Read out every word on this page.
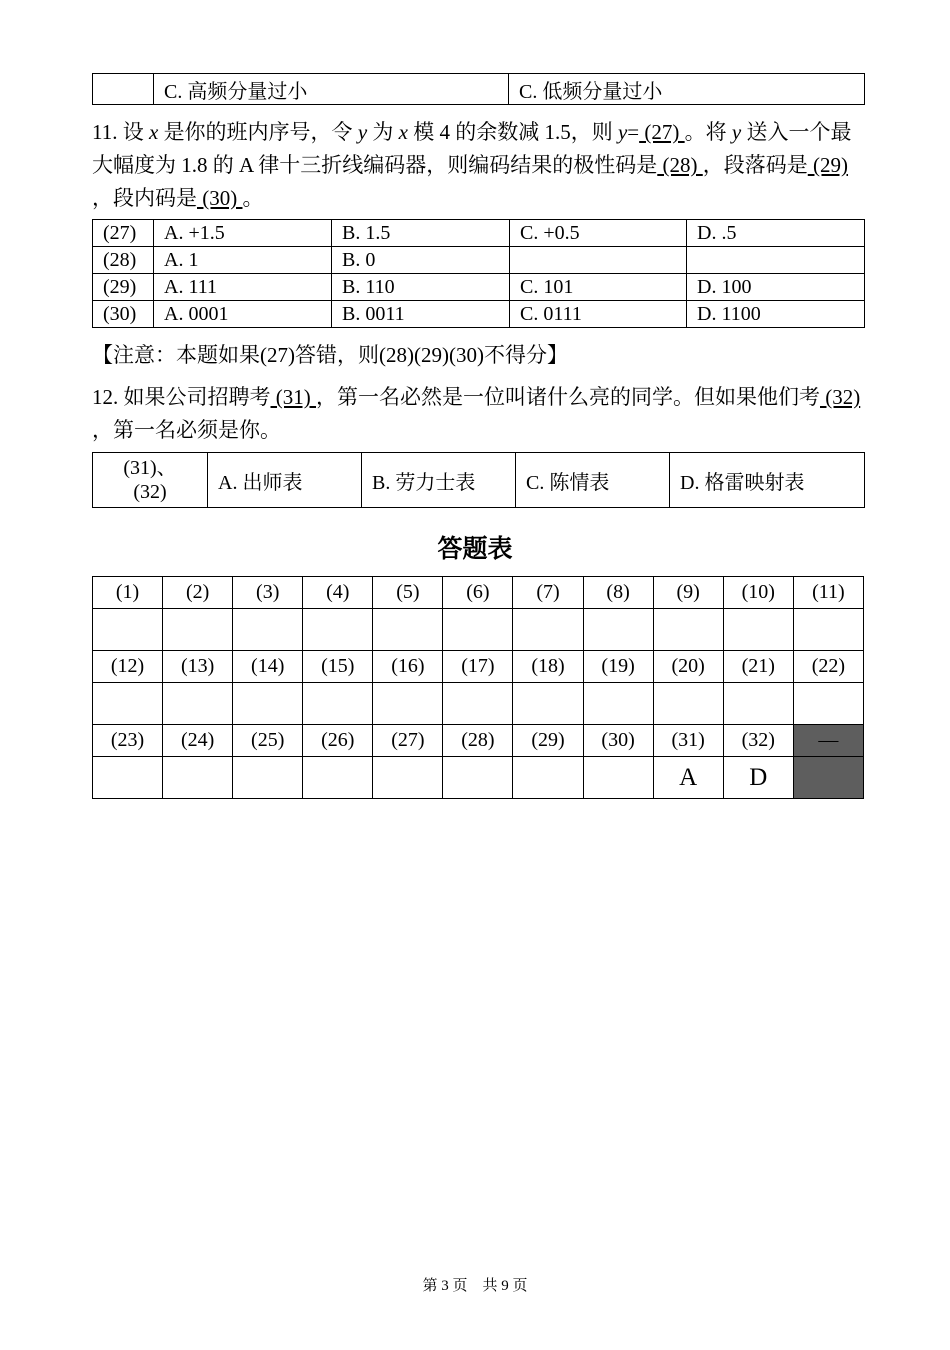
	C. 高频分量过小	C. 低频分量过小

11. 设 x 是你的班内序号，令 y 为 x 模 4 的余数减 1.5，则 y= (27) 。将 y 送入一个最大幅度为 1.8 的 A 律十三折线编码器，则编码结果的极性码是 (28) ，段落码是 (29) ，段内码是 (30) 。

(27)	A. +1.5	B. 1.5	C. +0.5	D. .5
(28)	A. 1	B. 0		
(29)	A. 111	B. 110	C. 101	D. 100
(30)	A. 0001	B. 0011	C. 0111	D. 1100
【注意：本题如果(27)答错，则(28)(29)(30)不得分】

12. 如果公司招聘考 (31) ，第一名必然是一位叫诸什么亮的同学。但如果他们考 (32) ，第一名必须是你。

(31)、
(32)	A. 出师表	B. 劳力士表	C. 陈情表	D. 格雷映射表
答题表
(1)	(2)	(3)	(4)	(5)	(6)	(7)	(8)	(9)	(10)	(11)

(12)	(13)	(14)	(15)	(16)	(17)	(18)	(19)	(20)	(21)	(22)

(23)	(24)	(25)	(26)	(27)	(28)	(29)	(30)	(31)	(32)	—
								A	D	
第 3 页　共 9 页
